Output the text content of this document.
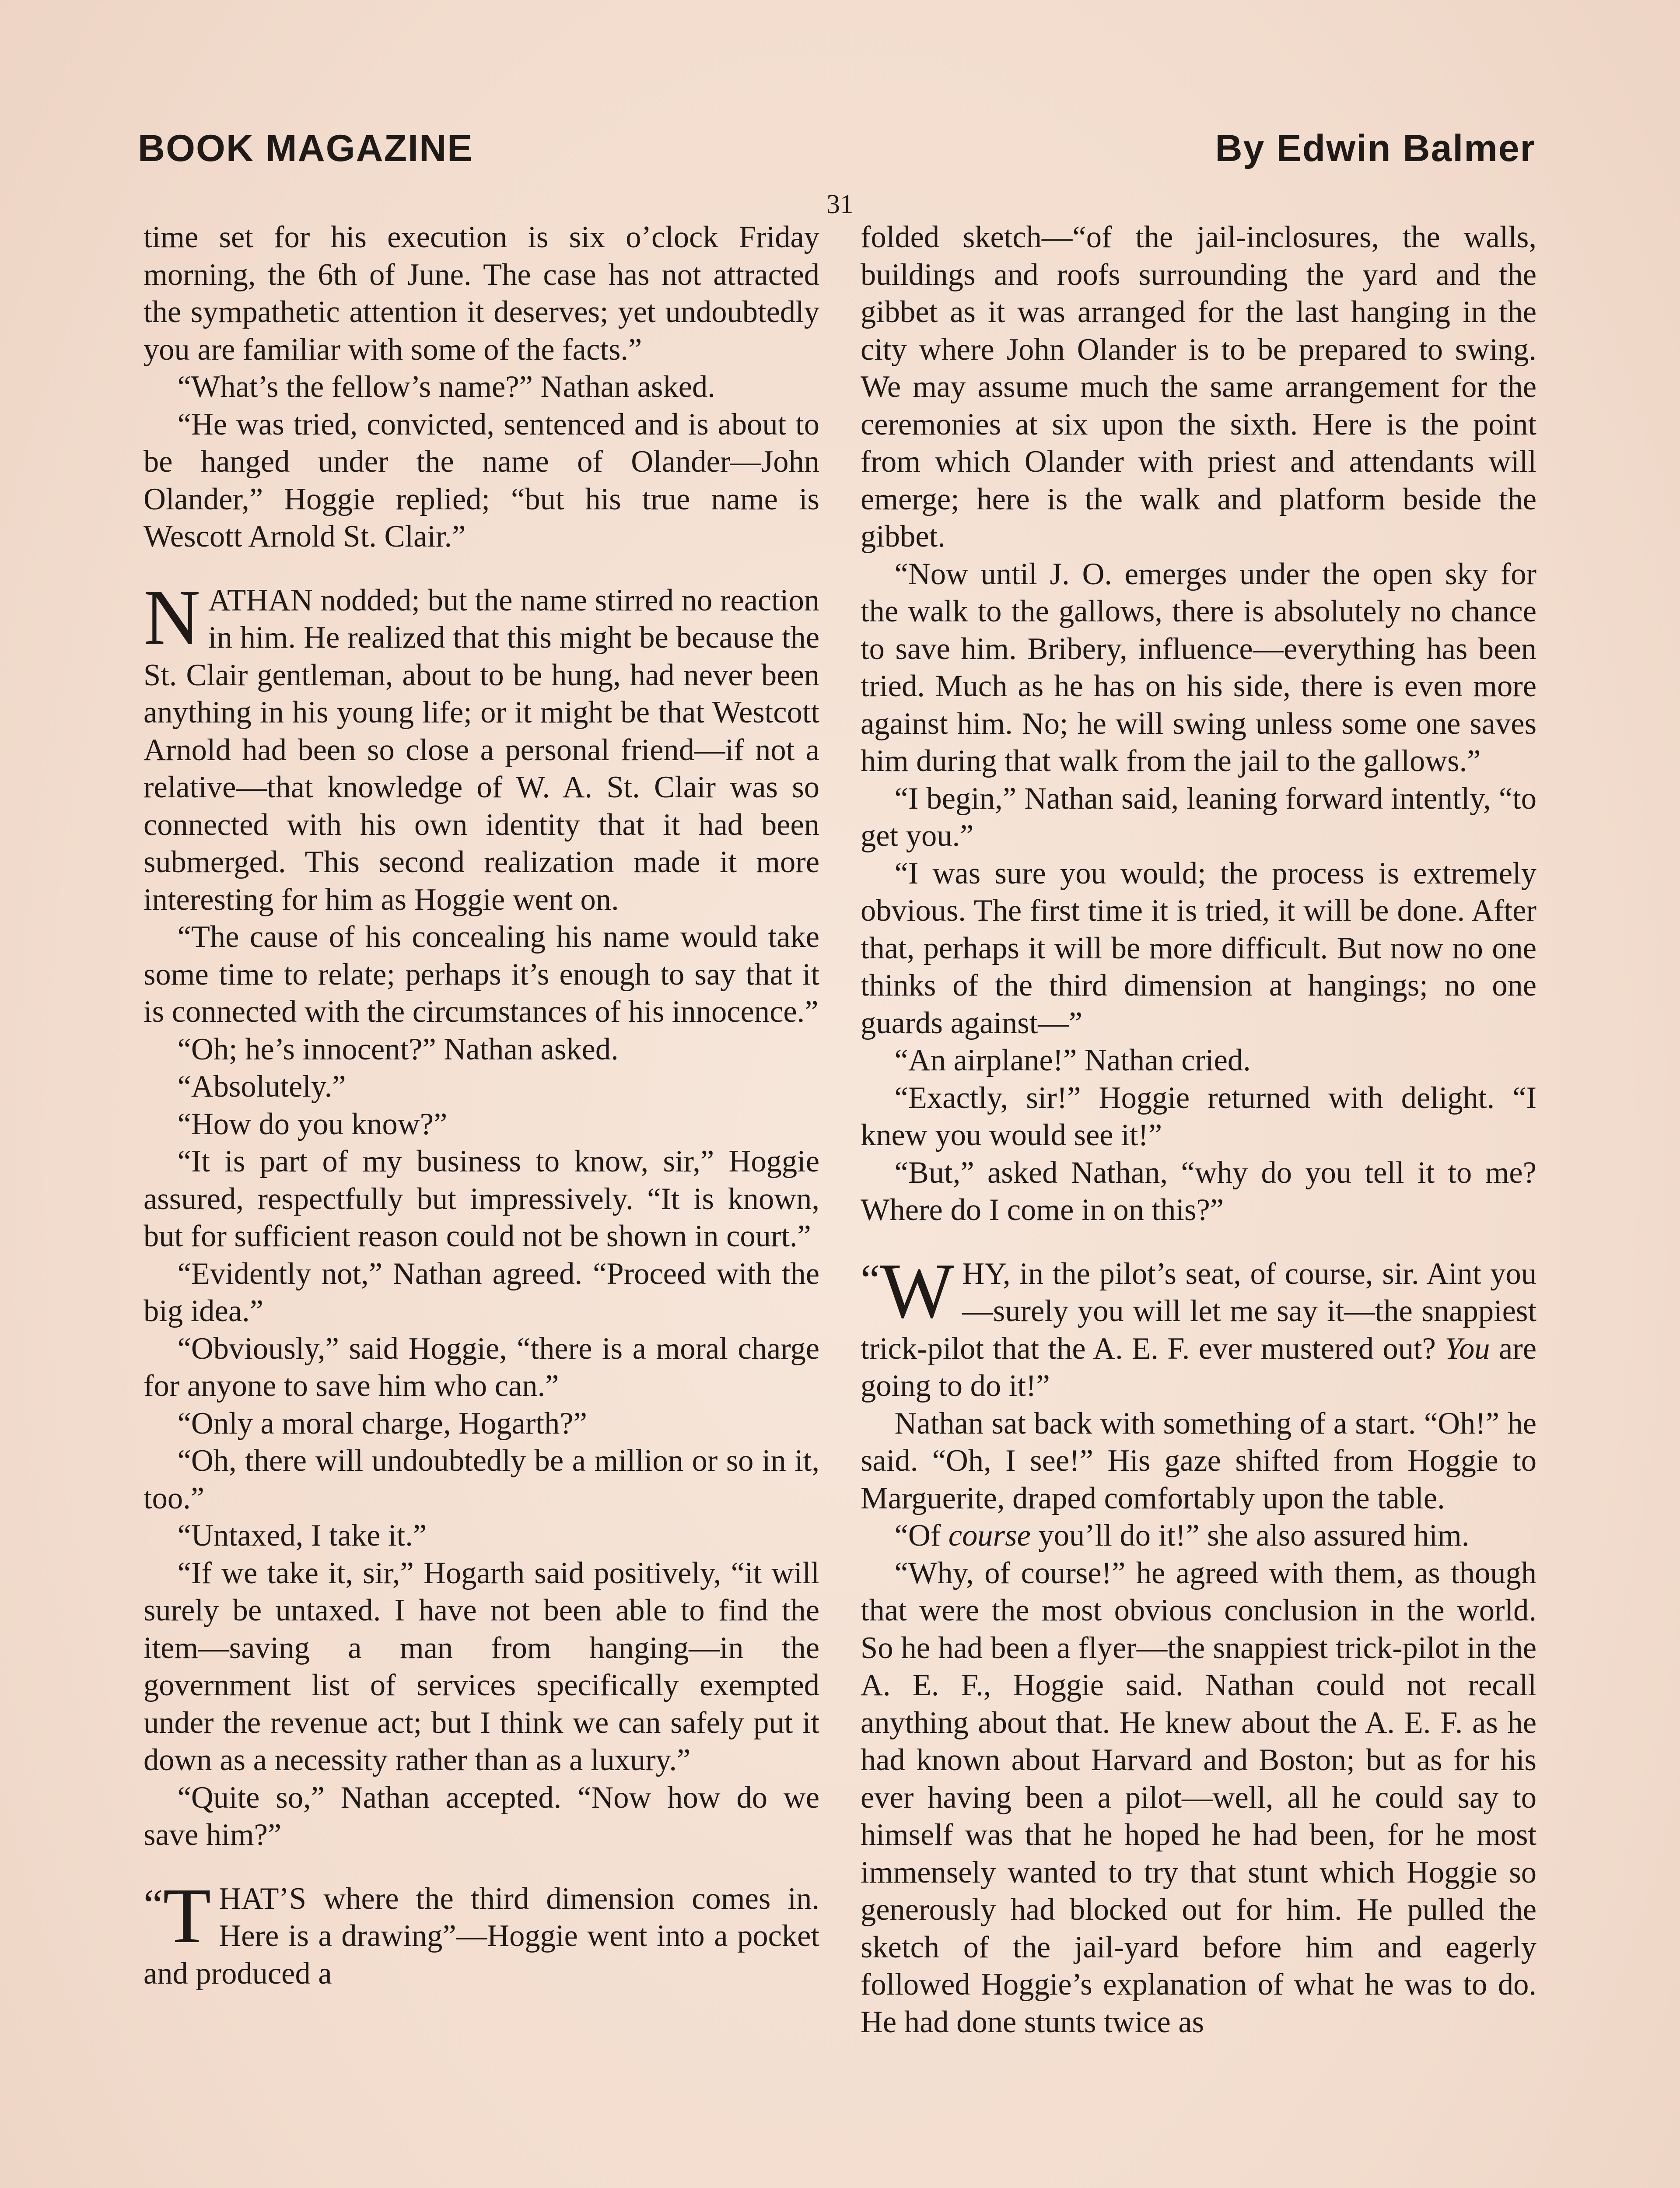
BOOK MAGAZINE	By Edwin Balmer
31

time set for his execution is six o’clock Friday morning, the 6th of June. The case has not attracted the sympathetic attention it deserves; yet undoubtedly you are familiar with some of the facts.”

“What’s the fellow’s name?” Nathan asked.

“He was tried, convicted, sentenced and is about to be hanged under the name of Olander—John Olander,” Hoggie replied; “but his true name is Wescott Arnold St. Clair.”

NATHAN nodded; but the name stirred no reaction in him. He realized that this might be because the St. Clair gentleman, about to be hung, had never been anything in his young life; or it might be that Westcott Arnold had been so close a personal friend—if not a relative—that knowledge of W. A. St. Clair was so connected with his own identity that it had been submerged. This second realization made it more interesting for him as Hoggie went on.

“The cause of his concealing his name would take some time to relate; perhaps it’s enough to say that it is connected with the circumstances of his innocence.”

“Oh; he’s innocent?” Nathan asked.

“Absolutely.”

“How do you know?”

“It is part of my business to know, sir,” Hoggie assured, respectfully but impressively. “It is known, but for sufficient reason could not be shown in court.”

“Evidently not,” Nathan agreed. “Proceed with the big idea.”

“Obviously,” said Hoggie, “there is a moral charge for anyone to save him who can.”

“Only a moral charge, Hogarth?”

“Oh, there will undoubtedly be a million or so in it, too.”

“Untaxed, I take it.”

“If we take it, sir,” Hogarth said positively, “it will surely be untaxed. I have not been able to find the item—saving a man from hanging—in the government list of services specifically exempted under the revenue act; but I think we can safely put it down as a necessity rather than as a luxury.”

“Quite so,” Nathan accepted. “Now how do we save him?”

“T HAT’S where the third dimension comes in. Here is a drawing”—Hoggie went into a pocket and produced a

folded sketch—“of the jail-inclosures, the walls, buildings and roofs surrounding the yard and the gibbet as it was arranged for the last hanging in the city where John Olander is to be prepared to swing. We may assume much the same arrangement for the ceremonies at six upon the sixth. Here is the point from which Olander with priest and attendants will emerge; here is the walk and platform beside the gibbet.

“Now until J. O. emerges under the open sky for the walk to the gallows, there is absolutely no chance to save him. Bribery, influence—everything has been tried. Much as he has on his side, there is even more against him. No; he will swing unless some one saves him during that walk from the jail to the gallows.”

“I begin,” Nathan said, leaning forward intently, “to get you.”

“I was sure you would; the process is extremely obvious. The first time it is tried, it will be done. After that, perhaps it will be more difficult. But now no one thinks of the third dimension at hangings; no one guards against—”

“An airplane!” Nathan cried.

“Exactly, sir!” Hoggie returned with delight. “I knew you would see it!”

“But,” asked Nathan, “why do you tell it to me? Where do I come in on this?”

“W HY, in the pilot’s seat, of course, sir. Aint you—surely you will let me say it—the snappiest trick-pilot that the A. E. F. ever mustered out? You are going to do it!”

Nathan sat back with something of a start. “Oh!” he said. “Oh, I see!” His gaze shifted from Hoggie to Marguerite, draped comfortably upon the table.

“Of course you’ll do it!” she also assured him.

“Why, of course!” he agreed with them, as though that were the most obvious conclusion in the world. So he had been a flyer—the snappiest trick-pilot in the A. E. F., Hoggie said. Nathan could not recall anything about that. He knew about the A. E. F. as he had known about Harvard and Boston; but as for his ever having been a pilot—well, all he could say to himself was that he hoped he had been, for he most immensely wanted to try that stunt which Hoggie so generously had blocked out for him. He pulled the sketch of the jail-yard before him and eagerly followed Hoggie’s explanation of what he was to do. He had done stunts twice as
